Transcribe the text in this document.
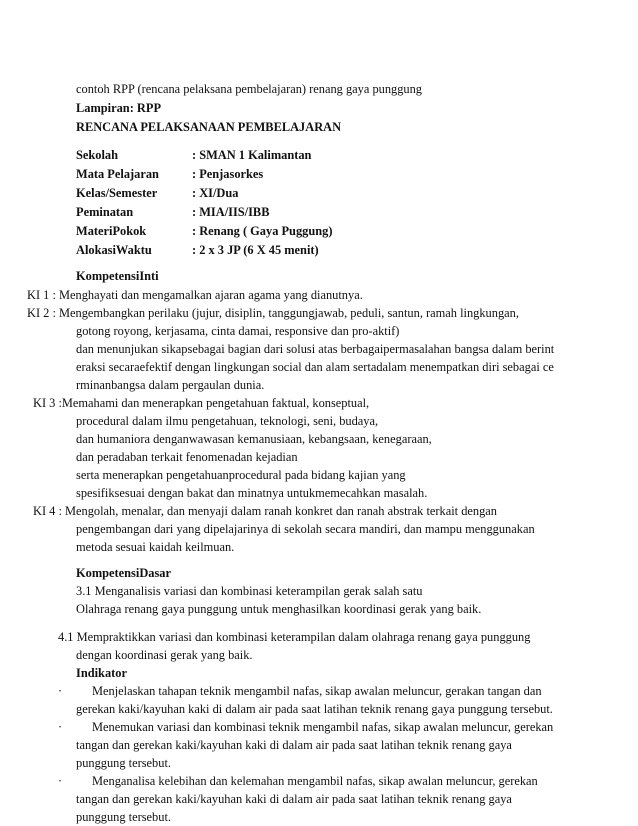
contoh RPP (rencana pelaksana pembelajaran) renang gaya punggung
Lampiran: RPP
RENCANA PELAKSANAAN PEMBELAJARAN
Sekolah	: SMAN 1 Kalimantan
Mata Pelajaran	: Penjasorkes
Kelas/Semester	: XI/Dua
Peminatan	: MIA/IIS/IBB
MateriPokok	: Renang ( Gaya Puggung)
AlokasiWaktu	: 2 x 3 JP (6 X 45 menit)
KompetensiInti
KI 1 : Menghayati dan mengamalkan ajaran agama yang dianutnya.
KI 2 : Mengembangkan perilaku (jujur, disiplin, tanggungjawab, peduli, santun, ramah lingkungan,
gotong royong, kerjasama, cinta damai, responsive dan pro-aktif)
dan menunjukan sikapsebagai bagian dari solusi atas berbagaipermasalahan bangsa dalam berint
eraksi secaraefektif dengan lingkungan social dan alam sertadalam menempatkan diri sebagai ce
rminanbangsa dalam pergaulan dunia.
KI 3 :Memahami dan menerapkan pengetahuan faktual, konseptual,
procedural dalam ilmu pengetahuan, teknologi, seni, budaya,
dan humaniora denganwawasan kemanusiaan, kebangsaan, kenegaraan,
dan peradaban terkait fenomenadan kejadian
serta menerapkan pengetahuanprocedural pada bidang kajian yang
spesifiksesuai dengan bakat dan minatnya untukmemecahkan masalah.
KI 4 : Mengolah, menalar, dan menyaji dalam ranah konkret dan ranah abstrak terkait dengan
pengembangan dari yang dipelajarinya di sekolah secara mandiri, dan mampu menggunakan
metoda sesuai kaidah keilmuan.
KompetensiDasar
3.1 Menganalisis variasi dan kombinasi keterampilan gerak salah satu
Olahraga renang gaya punggung untuk menghasilkan koordinasi gerak yang baik.
4.1 Mempraktikkan variasi dan kombinasi keterampilan dalam olahraga renang gaya punggung
dengan koordinasi gerak yang baik.
Indikator
· Menjelaskan tahapan teknik mengambil nafas, sikap awalan meluncur, gerakan tangan dan
gerekan kaki/kayuhan kaki di dalam air pada saat latihan teknik renang gaya punggung tersebut.
· Menemukan variasi dan kombinasi teknik mengambil nafas, sikap awalan meluncur, gerekan
tangan dan gerekan kaki/kayuhan kaki di dalam air pada saat latihan teknik renang gaya
punggung tersebut.
· Menganalisa kelebihan dan kelemahan mengambil nafas, sikap awalan meluncur, gerekan
tangan dan gerekan kaki/kayuhan kaki di dalam air pada saat latihan teknik renang gaya
punggung tersebut.
